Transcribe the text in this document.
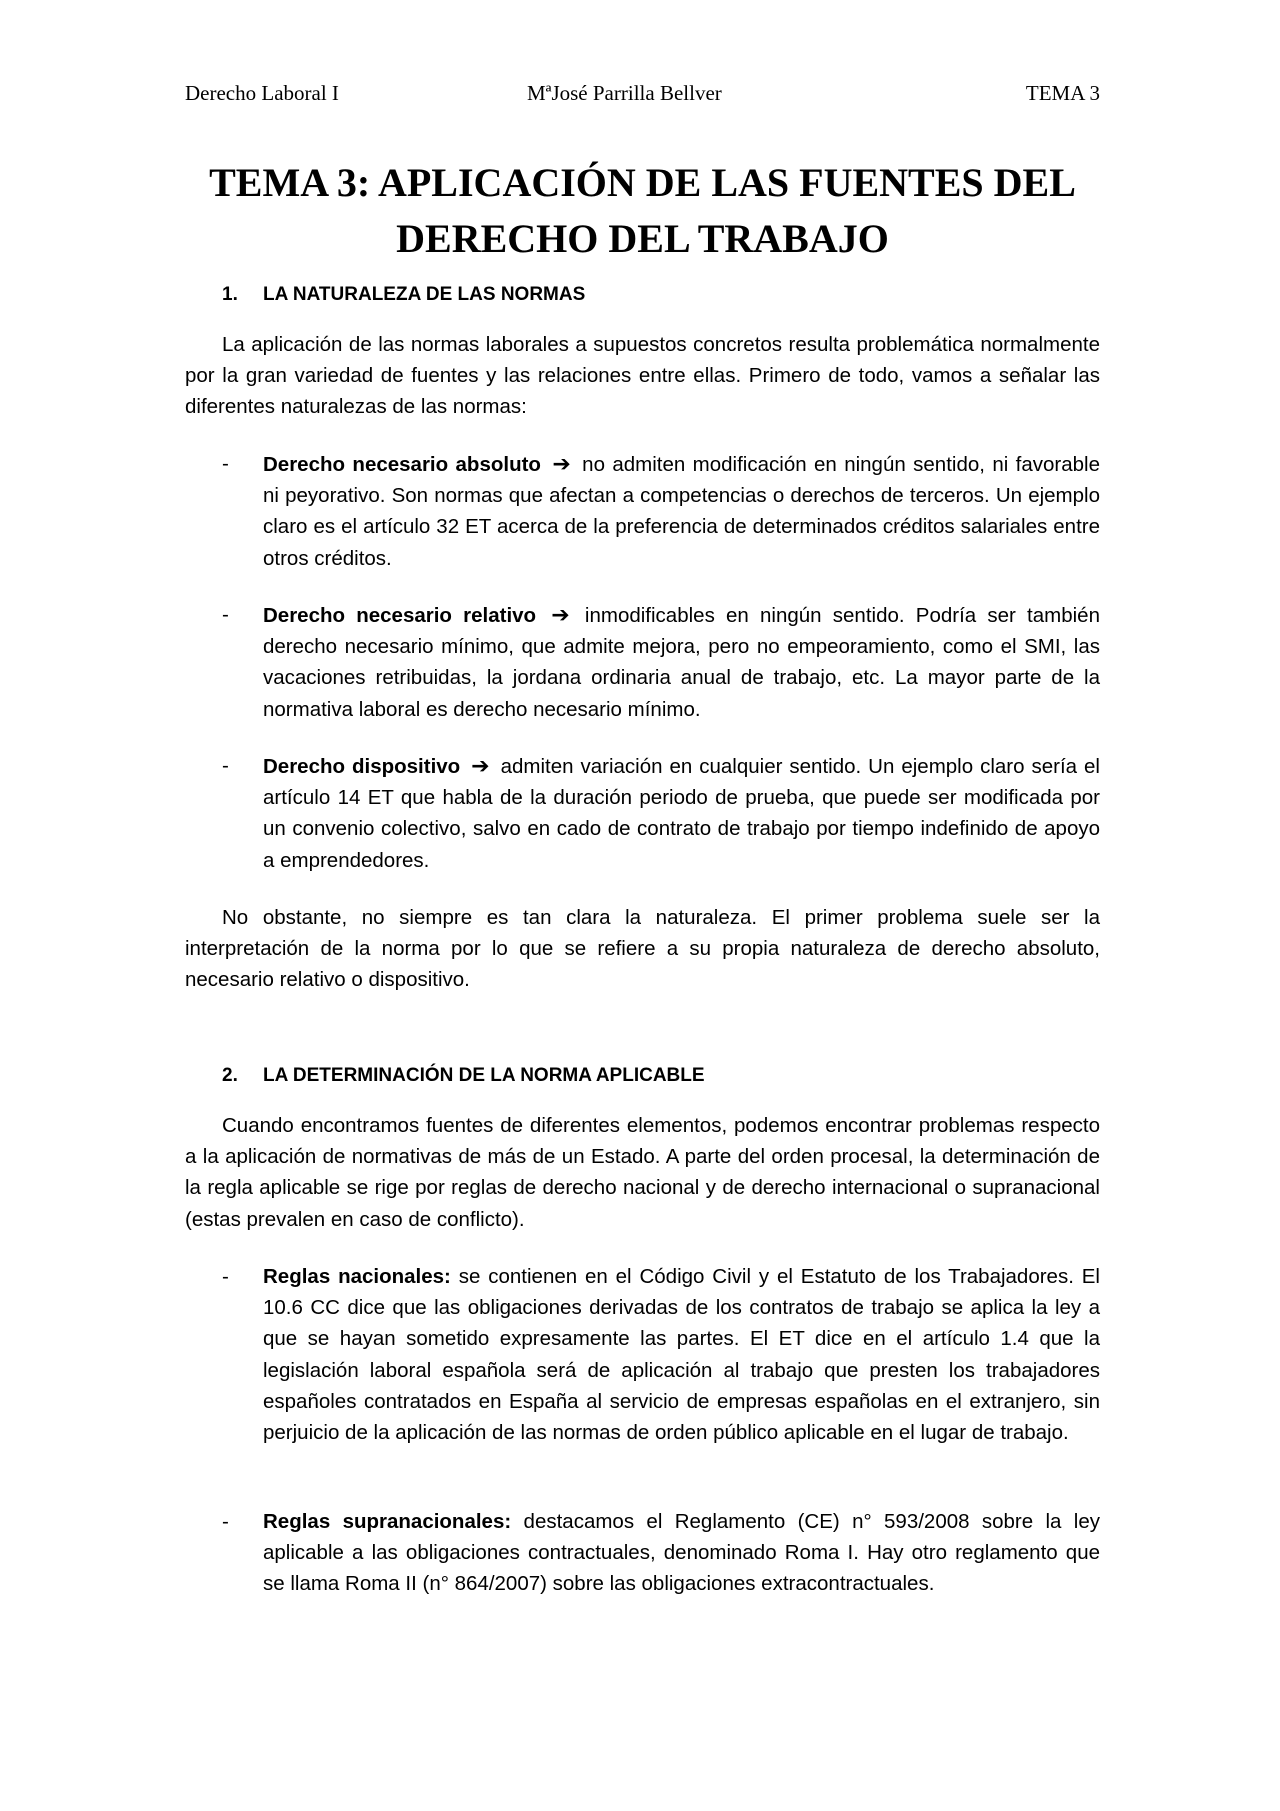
Derecho Laboral I	MªJosé Parrilla Bellver	TEMA 3
TEMA 3: APLICACIÓN DE LAS FUENTES DEL
DERECHO DEL TRABAJO
1. LA NATURALEZA DE LAS NORMAS

La aplicación de las normas laborales a supuestos concretos resulta problemática normalmente por la gran variedad de fuentes y las relaciones entre ellas. Primero de todo, vamos a señalar las diferentes naturalezas de las normas:

- Derecho necesario absoluto ➔ no admiten modificación en ningún sentido, ni favorable ni peyorativo. Son normas que afectan a competencias o derechos de terceros. Un ejemplo claro es el artículo 32 ET acerca de la preferencia de determinados créditos salariales entre otros créditos.
- Derecho necesario relativo ➔ inmodificables en ningún sentido. Podría ser también derecho necesario mínimo, que admite mejora, pero no empeoramiento, como el SMI, las vacaciones retribuidas, la jordana ordinaria anual de trabajo, etc. La mayor parte de la normativa laboral es derecho necesario mínimo.
- Derecho dispositivo ➔ admiten variación en cualquier sentido. Un ejemplo claro sería el artículo 14 ET que habla de la duración periodo de prueba, que puede ser modificada por un convenio colectivo, salvo en cado de contrato de trabajo por tiempo indefinido de apoyo a emprendedores.

No obstante, no siempre es tan clara la naturaleza. El primer problema suele ser la interpretación de la norma por lo que se refiere a su propia naturaleza de derecho absoluto, necesario relativo o dispositivo.

2. LA DETERMINACIÓN DE LA NORMA APLICABLE

Cuando encontramos fuentes de diferentes elementos, podemos encontrar problemas respecto a la aplicación de normativas de más de un Estado. A parte del orden procesal, la determinación de la regla aplicable se rige por reglas de derecho nacional y de derecho internacional o supranacional (estas prevalen en caso de conflicto).

- Reglas nacionales: se contienen en el Código Civil y el Estatuto de los Trabajadores. El 10.6 CC dice que las obligaciones derivadas de los contratos de trabajo se aplica la ley a que se hayan sometido expresamente las partes. El ET dice en el artículo 1.4 que la legislación laboral española será de aplicación al trabajo que presten los trabajadores españoles contratados en España al servicio de empresas españolas en el extranjero, sin perjuicio de la aplicación de las normas de orden público aplicable en el lugar de trabajo.
- Reglas supranacionales: destacamos el Reglamento (CE) n° 593/2008 sobre la ley aplicable a las obligaciones contractuales, denominado Roma I. Hay otro reglamento que se llama Roma II (n° 864/2007) sobre las obligaciones extracontractuales.
